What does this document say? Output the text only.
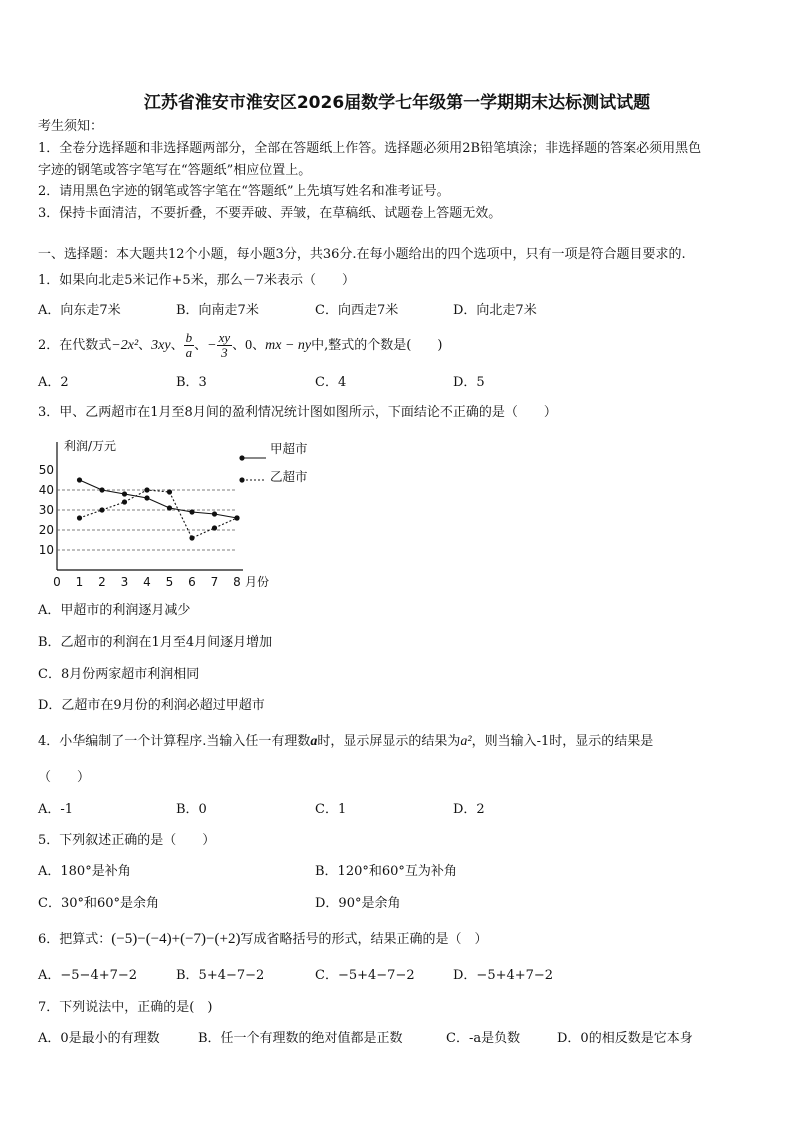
江苏省淮安市淮安区2026届数学七年级第一学期期末达标测试试题
考生须知：
1．全卷分选择题和非选择题两部分，全部在答题纸上作答。选择题必须用2B铅笔填涂；非选择题的答案必须用黑色
字迹的钢笔或答字笔写在“答题纸”相应位置上。
2．请用黑色字迹的钢笔或答字笔在“答题纸”上先填写姓名和准考证号。
3．保持卡面清洁，不要折叠，不要弄破、弄皱，在草稿纸、试题卷上答题无效。
一、选择题：本大题共12个小题，每小题3分，共36分.在每小题给出的四个选项中，只有一项是符合题目要求的.
1．如果向北走5米记作+5米，那么－7米表示（　　）
A．向东走7米	B．向南走7米	C．向西走7米	D．向北走7米
2．在代数式−2x²、3xy、 $\frac{b}{a}$ 、− $\frac{xy}{3}$ 、0、mx − ny中,整式的个数是(　　)
A．2	B．3	C．4	D．5
3．甲、乙两超市在1月至8月间的盈利情况统计图如图所示，下面结论不正确的是（　　）
利润/万元
10
20
30
40
50
0 1 2 3 4 5 6 7 8 月份
甲超市
乙超市
A．甲超市的利润逐月减少
B．乙超市的利润在1月至4月间逐月增加
C．8月份两家超市利润相同
D．乙超市在9月份的利润必超过甲超市
4．小华编制了一个计算程序.当输入任一有理数a时，显示屏显示的结果为a²，则当输入-1时，显示的结果是
（　　）
A．-1	B．0	C．1	D．2
5．下列叙述正确的是（　　）
A．180°是补角	B．120°和60°互为补角
C．30°和60°是余角	D．90°是余角
6．把算式：(−5)−(−4)+(−7)−(+2)写成省略括号的形式，结果正确的是（　）
A．−5−4+7−2	B．5+4−7−2	C．−5+4−7−2	D．−5+4+7−2
7．下列说法中，正确的是(　)
A．0是最小的有理数	B．任一个有理数的绝对值都是正数	C．-a是负数	D．0的相反数是它本身
